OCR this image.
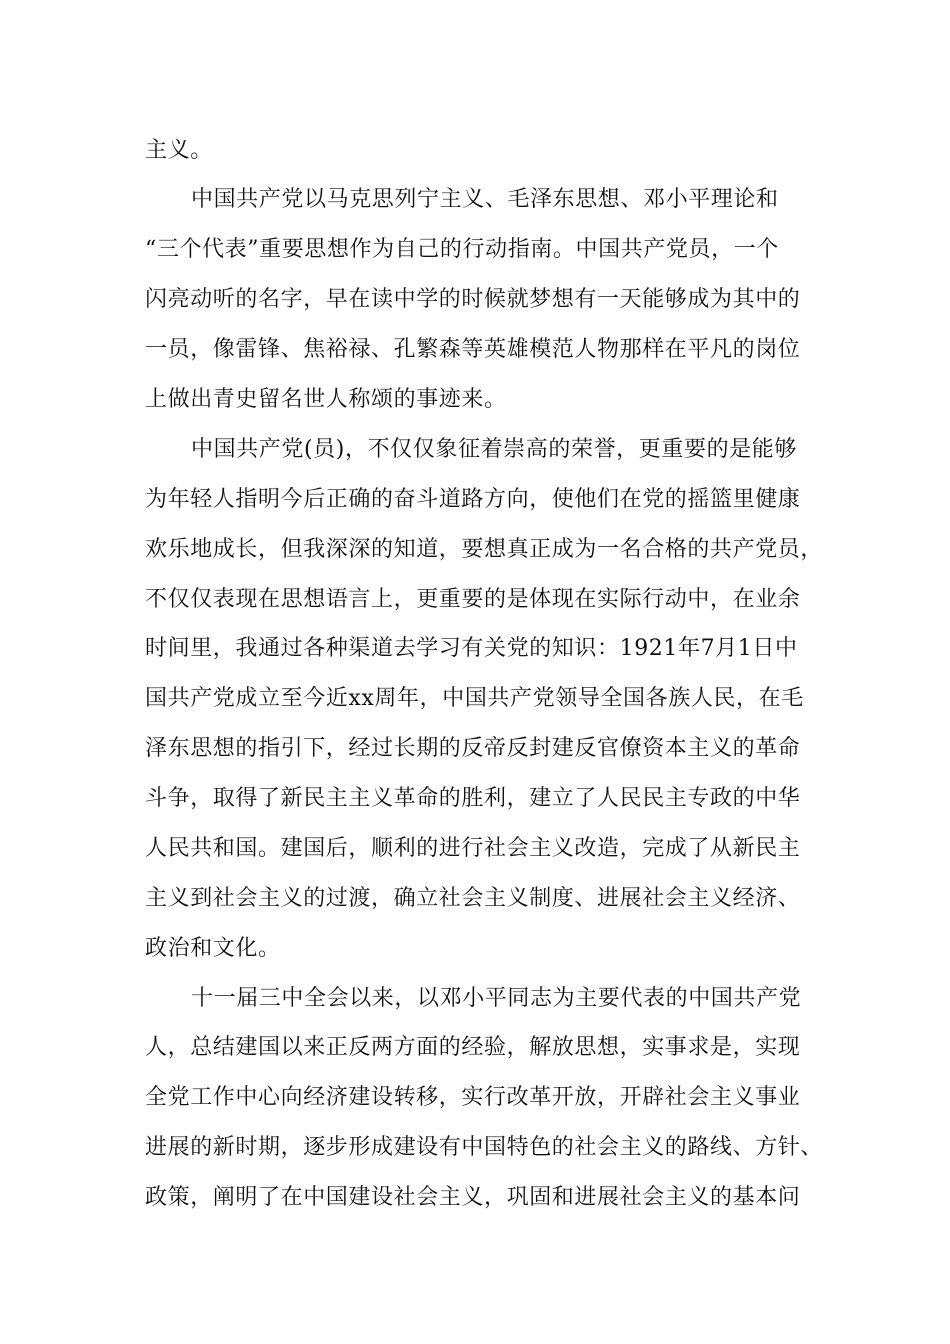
主义。
中国共产党以马克思列宁主义、毛泽东思想、邓小平理论和
“三个代表”重要思想作为自己的行动指南。中国共产党员，一个
闪亮动听的名字，早在读中学的时候就梦想有一天能够成为其中的
一员，像雷锋、焦裕禄、孔繁森等英雄模范人物那样在平凡的岗位
上做出青史留名世人称颂的事迹来。
中国共产党(员)，不仅仅象征着崇高的荣誉，更重要的是能够
为年轻人指明今后正确的奋斗道路方向，使他们在党的摇篮里健康
欢乐地成长，但我深深的知道，要想真正成为一名合格的共产党员，
不仅仅表现在思想语言上，更重要的是体现在实际行动中，在业余
时间里，我通过各种渠道去学习有关党的知识：1921年7月1日中
国共产党成立至今近xx周年，中国共产党领导全国各族人民，在毛
泽东思想的指引下，经过长期的反帝反封建反官僚资本主义的革命
斗争，取得了新民主主义革命的胜利，建立了人民民主专政的中华
人民共和国。建国后，顺利的进行社会主义改造，完成了从新民主
主义到社会主义的过渡，确立社会主义制度、进展社会主义经济、
政治和文化。
十一届三中全会以来，以邓小平同志为主要代表的中国共产党
人，总结建国以来正反两方面的经验，解放思想，实事求是，实现
全党工作中心向经济建设转移，实行改革开放，开辟社会主义事业
进展的新时期，逐步形成建设有中国特色的社会主义的路线、方针、
政策，阐明了在中国建设社会主义，巩固和进展社会主义的基本问
